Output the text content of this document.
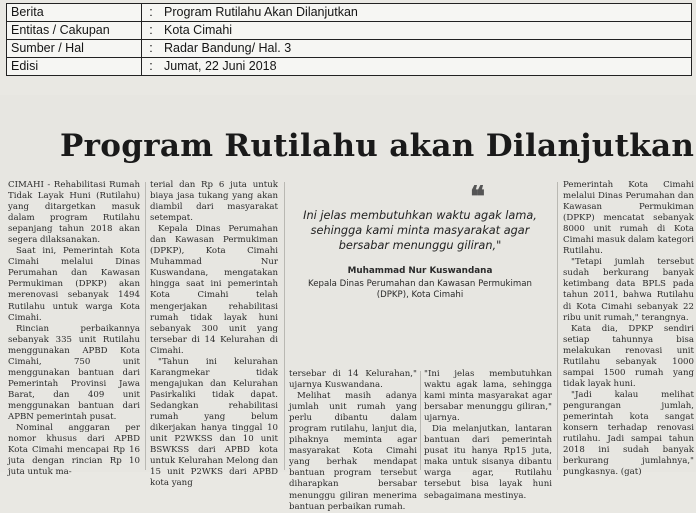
Berita	:	Program Rutilahu Akan Dilanjutkan
Entitas / Cakupan	:	Kota Cimahi
Sumber / Hal	:	Radar Bandung/ Hal. 3
Edisi	:	Jumat, 22 Juni 2018
Program Rutilahu akan Dilanjutkan
❝
Ini jelas membutuhkan waktu agak lama, sehingga kami minta masyarakat agar bersabar menunggu giliran,"
Muhammad Nur Kuswandana
Kepala Dinas Perumahan dan Kawasan Permukiman (DPKP), Kota Cimahi

CIMAHI - Rehabilitasi Rumah Tidak Layak Huni (Rutilahu) yang ditargetkan masuk dalam program Rutilahu sepanjang tahun 2018 akan segera dilaksanakan.

Saat ini, Pemerintah Kota Cimahi melalui Dinas Perumahan dan Kawasan Permukiman (DPKP) akan merenovasi sebanyak 1494 Rutilahu untuk warga Kota Cimahi.

Rincian perbaikannya sebanyak 335 unit Rutilahu menggunakan APBD Kota Cimahi, 750 unit menggunakan bantuan dari Pemerintah Provinsi Jawa Barat, dan 409 unit menggunakan bantuan dari APBN pemerintah pusat.

Nominal anggaran per nomor khusus dari APBD Kota Cimahi mencapai Rp 16 juta dengan rincian Rp 10 juta untuk ma-

terial dan Rp 6 juta untuk biaya jasa tukang yang akan diambil dari masyarakat setempat.

Kepala Dinas Perumahan dan Kawasan Permukiman (DPKP), Kota Cimahi Muhammad Nur Kuswandana, mengatakan hingga saat ini pemerintah Kota Cimahi telah mengerjakan rehabilitasi rumah tidak layak huni sebanyak 300 unit yang tersebar di 14 Kelurahan di Cimahi.

"Tahun ini kelurahan Karangmekar tidak mengajukan dan Kelurahan Pasirkaliki tidak dapat. Sedangkan rehabilitasi rumah yang belum dikerjakan hanya tinggal 10 unit P2WKSS dan 10 unit BSWKSS dari APBD kota untuk Kelurahan Melong dan 15 unit P2WKS dari APBD kota yang

tersebar di 14 Kelurahan," ujarnya Kuswandana.

Melihat masih adanya jumlah unit rumah yang perlu dibantu dalam program rutilahu, lanjut dia, pihaknya meminta agar masyarakat Kota Cimahi yang berhak mendapat bantuan program tersebut diharapkan bersabar menunggu giliran menerima bantuan perbaikan rumah.

"Ini jelas membutuhkan waktu agak lama, sehingga kami minta masyarakat agar bersabar menunggu giliran," ujarnya.

Dia melanjutkan, lantaran bantuan dari pemerintah pusat itu hanya Rp15 juta, maka untuk sisanya dibantu warga agar, Rutilahu tersebut bisa layak huni sebagaimana mestinya.

Pemerintah Kota Cimahi melalui Dinas Perumahan dan Kawasan Permukiman (DPKP) mencatat sebanyak 8000 unit rumah di Kota Cimahi masuk dalam kategori Rutilahu.

"Tetapi jumlah tersebut sudah berkurang banyak ketimbang data BPLS pada tahun 2011, bahwa Rutilahu di Kota Cimahi sebanyak 22 ribu unit rumah," terangnya.

Kata dia, DPKP sendiri setiap tahunnya bisa melakukan renovasi unit Rutilahu sebanyak 1000 sampai 1500 rumah yang tidak layak huni.

"Jadi kalau melihat pengurangan jumlah, pemerintah kota sangat konsern terhadap renovasi rutilahu. Jadi sampai tahun 2018 ini sudah banyak berkurang jumlahnya," pungkasnya. (gat)
